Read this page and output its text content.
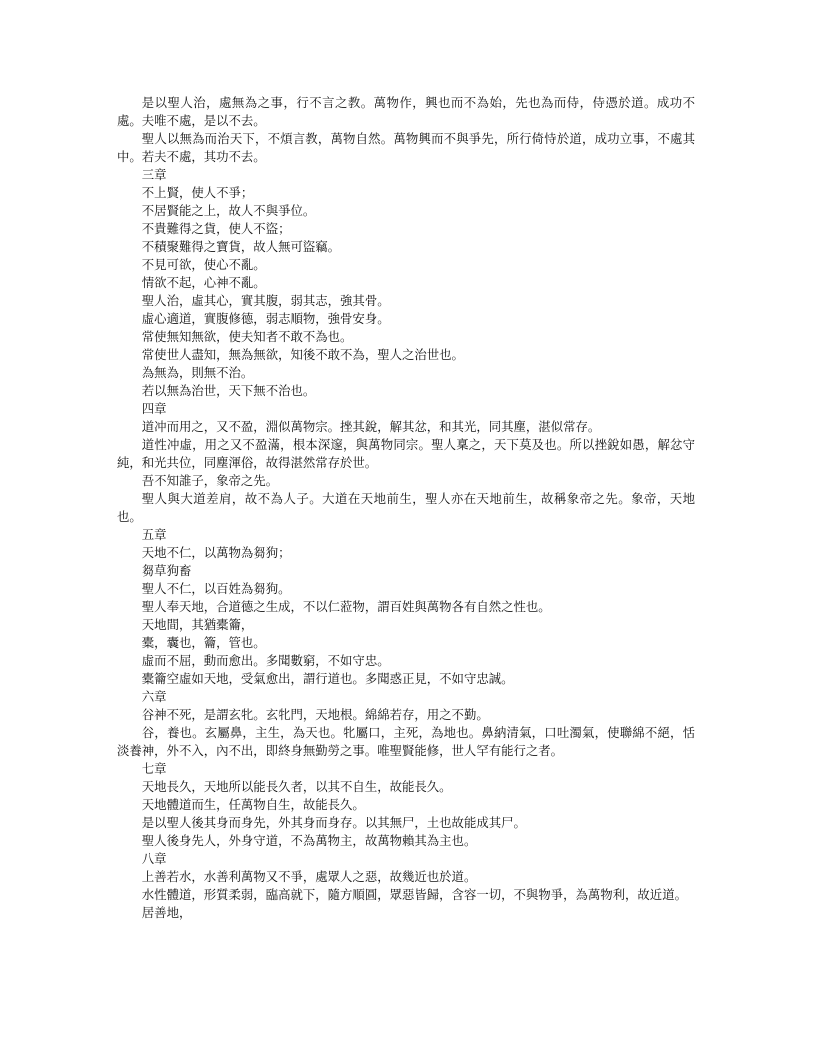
是以聖人治，處無為之事，行不言之教。萬物作，興也而不為始，先也為而侍，侍憑於道。成功不處。夫唯不處，是以不去。

聖人以無為而治天下，不煩言教，萬物自然。萬物興而不與爭先，所行倚恃於道，成功立事，不處其中。若夫不處，其功不去。

三章

不上賢，使人不爭；

不居賢能之上，故人不與爭位。

不貴難得之貨，使人不盜；

不積聚難得之寶貨，故人無可盜竊。

不見可欲，使心不亂。

情欲不起，心神不亂。

聖人治，虛其心，實其腹，弱其志，強其骨。

虛心適道，實腹修德，弱志順物，強骨安身。

常使無知無欲，使夫知者不敢不為也。

常使世人盡知，無為無欲，知後不敢不為，聖人之治世也。

為無為，則無不治。

若以無為治世，天下無不治也。

四章

道冲而用之，又不盈，淵似萬物宗。挫其銳，解其忿，和其光，同其塵，湛似常存。

道性冲虛，用之又不盈滿，根本深邃，與萬物同宗。聖人稟之，天下莫及也。所以挫銳如愚，解忿守純，和光共位，同塵渾俗，故得湛然常存於世。

吾不知誰子，象帝之先。

聖人與大道差肩，故不為人子。大道在天地前生，聖人亦在天地前生，故稱象帝之先。象帝，天地也。

五章

天地不仁，以萬物為芻狗；

芻草狗畜

聖人不仁，以百姓為芻狗。

聖人奉天地，合道德之生成，不以仁蒞物，謂百姓與萬物各有自然之性也。

天地間，其猶橐籥，

橐，囊也，籥，管也。

虛而不屈，動而愈出。多聞數窮，不如守忠。

橐籥空虛如天地，受氣愈出，謂行道也。多聞惑正見，不如守忠誠。

六章

谷神不死，是謂玄牝。玄牝門，天地根。綿綿若存，用之不勤。

谷，養也。玄屬鼻，主生，為天也。牝屬口，主死，為地也。鼻納清氣，口吐濁氣，使聯綿不絕，恬淡養神，外不入，內不出，即終身無勤勞之事。唯聖賢能修，世人罕有能行之者。

七章

天地長久，天地所以能長久者，以其不自生，故能長久。

天地體道而生，任萬物自生，故能長久。

是以聖人後其身而身先，外其身而身存。以其無尸，土也故能成其尸。

聖人後身先人，外身守道，不為萬物主，故萬物賴其為主也。

八章

上善若水，水善利萬物又不爭，處眾人之惡，故幾近也於道。

水性體道，形質柔弱，臨高就下，隨方順圓，眾惡皆歸，含容一切，不與物爭，為萬物利，故近道。

居善地，
